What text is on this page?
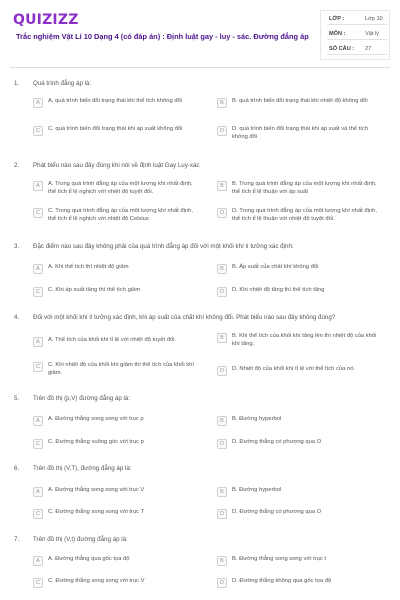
QUIZIZZ
Trắc nghiệm Vật Lí 10 Dạng 4 (có đáp án) : Định luật gay - luy - sác. Đường đẳng áp
LỚP :	Lớp 10
MÔN :	Vật lý
SỐ CÂU : 27
1. Quá trình đẳng áp là:
A	A. quá trình biến đổi trạng thái khi thể tích không đổi	B	B. quá trình biến đổi trạng thái khi nhiệt độ không đổi
C	C. quá trình biến đổi trạng thái khi áp suất không đổi	D	D. quá trình biến đổi trạng thái khi áp suất và thể tích không đổi
2. Phát biểu nào sau đây đúng khi nói về định luật Gay Luy-xác
A	A. Trong quá trình đẳng áp của một lượng khí nhất định, thể tích tỉ lệ nghịch với nhiệt độ tuyệt đối.
B	B. Trong quá trình đẳng áp của một lượng khí nhất định, thể tích tỉ lệ thuận với áp suất
C	C. Trong quá trình đẳng áp của một lượng khí nhất định, thể tích tỉ lệ nghịch với nhiệt độ Celsius
D	D. Trong quá trình đẳng áp của một lượng khí nhất định, thể tích tỉ lệ thuận với nhiệt độ tuyệt đối.
3. Đặc điểm nào sau đây không phải của quá trình đẳng áp đối với một khối khí lí tưởng xác định:
A	A. Khi thể tích thì nhiệt độ giảm	B	B. Áp suất của chất khí không đổi
C	C. Khi áp suất tăng thì thể tích giảm	D	D. Khi nhiệt độ tăng thì thể tích tăng
4. Đối với một khối khí lí tưởng xác định, khi áp suất của chất khí không đổi. Phát biểu nào sau đây không đúng?
A	A. Thể tích của khối khí tỉ lệ với nhiệt độ tuyệt đối.	B	B. Khi thể tích của khối khí tăng lên thì nhiệt độ của khối khí tăng.
C	C. Khi nhiệt độ của khối khí giảm thì thể tích của khối khí giảm.	D	D. Nhiệt độ của khối khí tỉ lệ với thể tích của nó.
5. Trên đồ thị (p,V) đường đẳng áp là:
A	A. Đường thẳng song song với trục p	B	B. Đường hyperbol
C	C. Đường thẳng vuông góc với trục p	D	D. Đường thẳng có phương qua O
6. Trên đồ thị (V,T), đường đẳng áp là:
A	A. Đường thẳng song song với trục V	B	B. Đường hyperbol
C	C. Đường thẳng song song với trục T	D	D. Đường thẳng có phương qua O
7. Trên đồ thị (V,t) đường đẳng áp là:
A	A. Đường thẳng qua gốc tọa độ	B	B. Đường thẳng song song với trục t
C	C. Đường thẳng song song với trục V	D	D. Đường thẳng không qua gốc tọa độ
